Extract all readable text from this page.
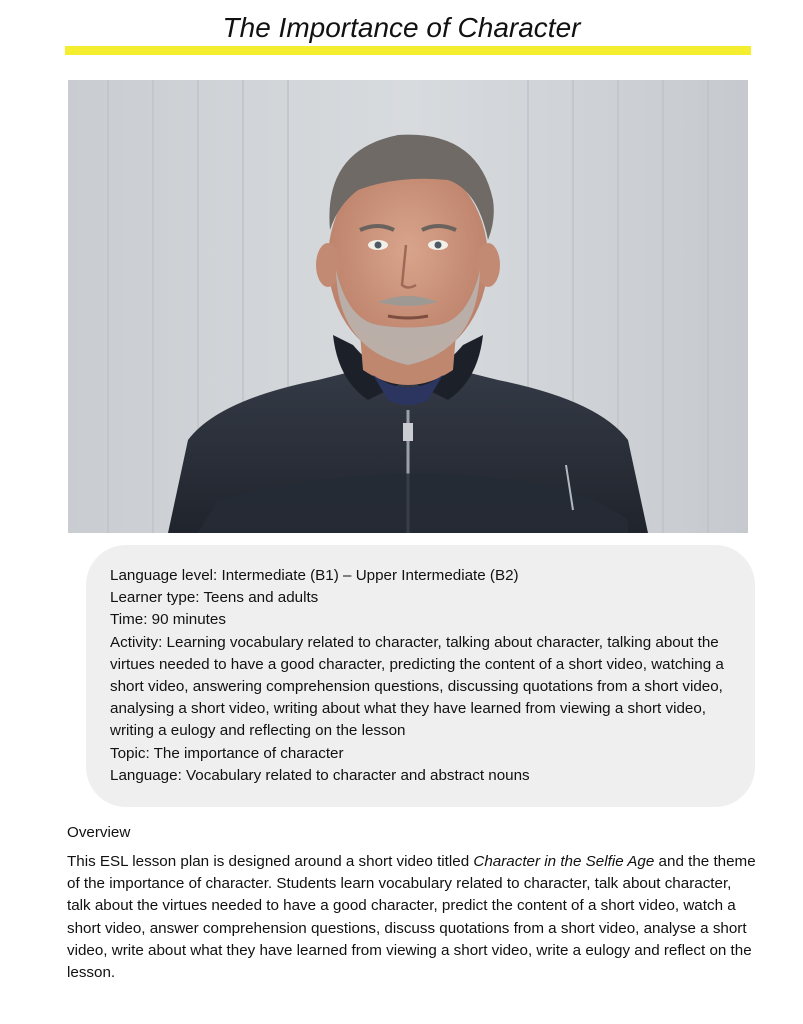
The Importance of Character
Language level: Intermediate (B1) – Upper Intermediate (B2)
Learner type: Teens and adults
Time: 90 minutes
Activity: Learning vocabulary related to character, talking about character, talking about the virtues needed to have a good character, predicting the content of a short video, watching a short video, answering comprehension questions, discussing quotations from a short video, analysing a short video, writing about what they have learned from viewing a short video, writing a eulogy and reflecting on the lesson
Topic: The importance of character
Language: Vocabulary related to character and abstract nouns
Overview
This ESL lesson plan is designed around a short video titled Character in the Selfie Age and the theme of the importance of character. Students learn vocabulary related to character, talk about character, talk about the virtues needed to have a good character, predict the content of a short video, watch a short video, answer comprehension questions, discuss quotations from a short video, analyse a short video, write about what they have learned from viewing a short video, write a eulogy and reflect on the lesson.
